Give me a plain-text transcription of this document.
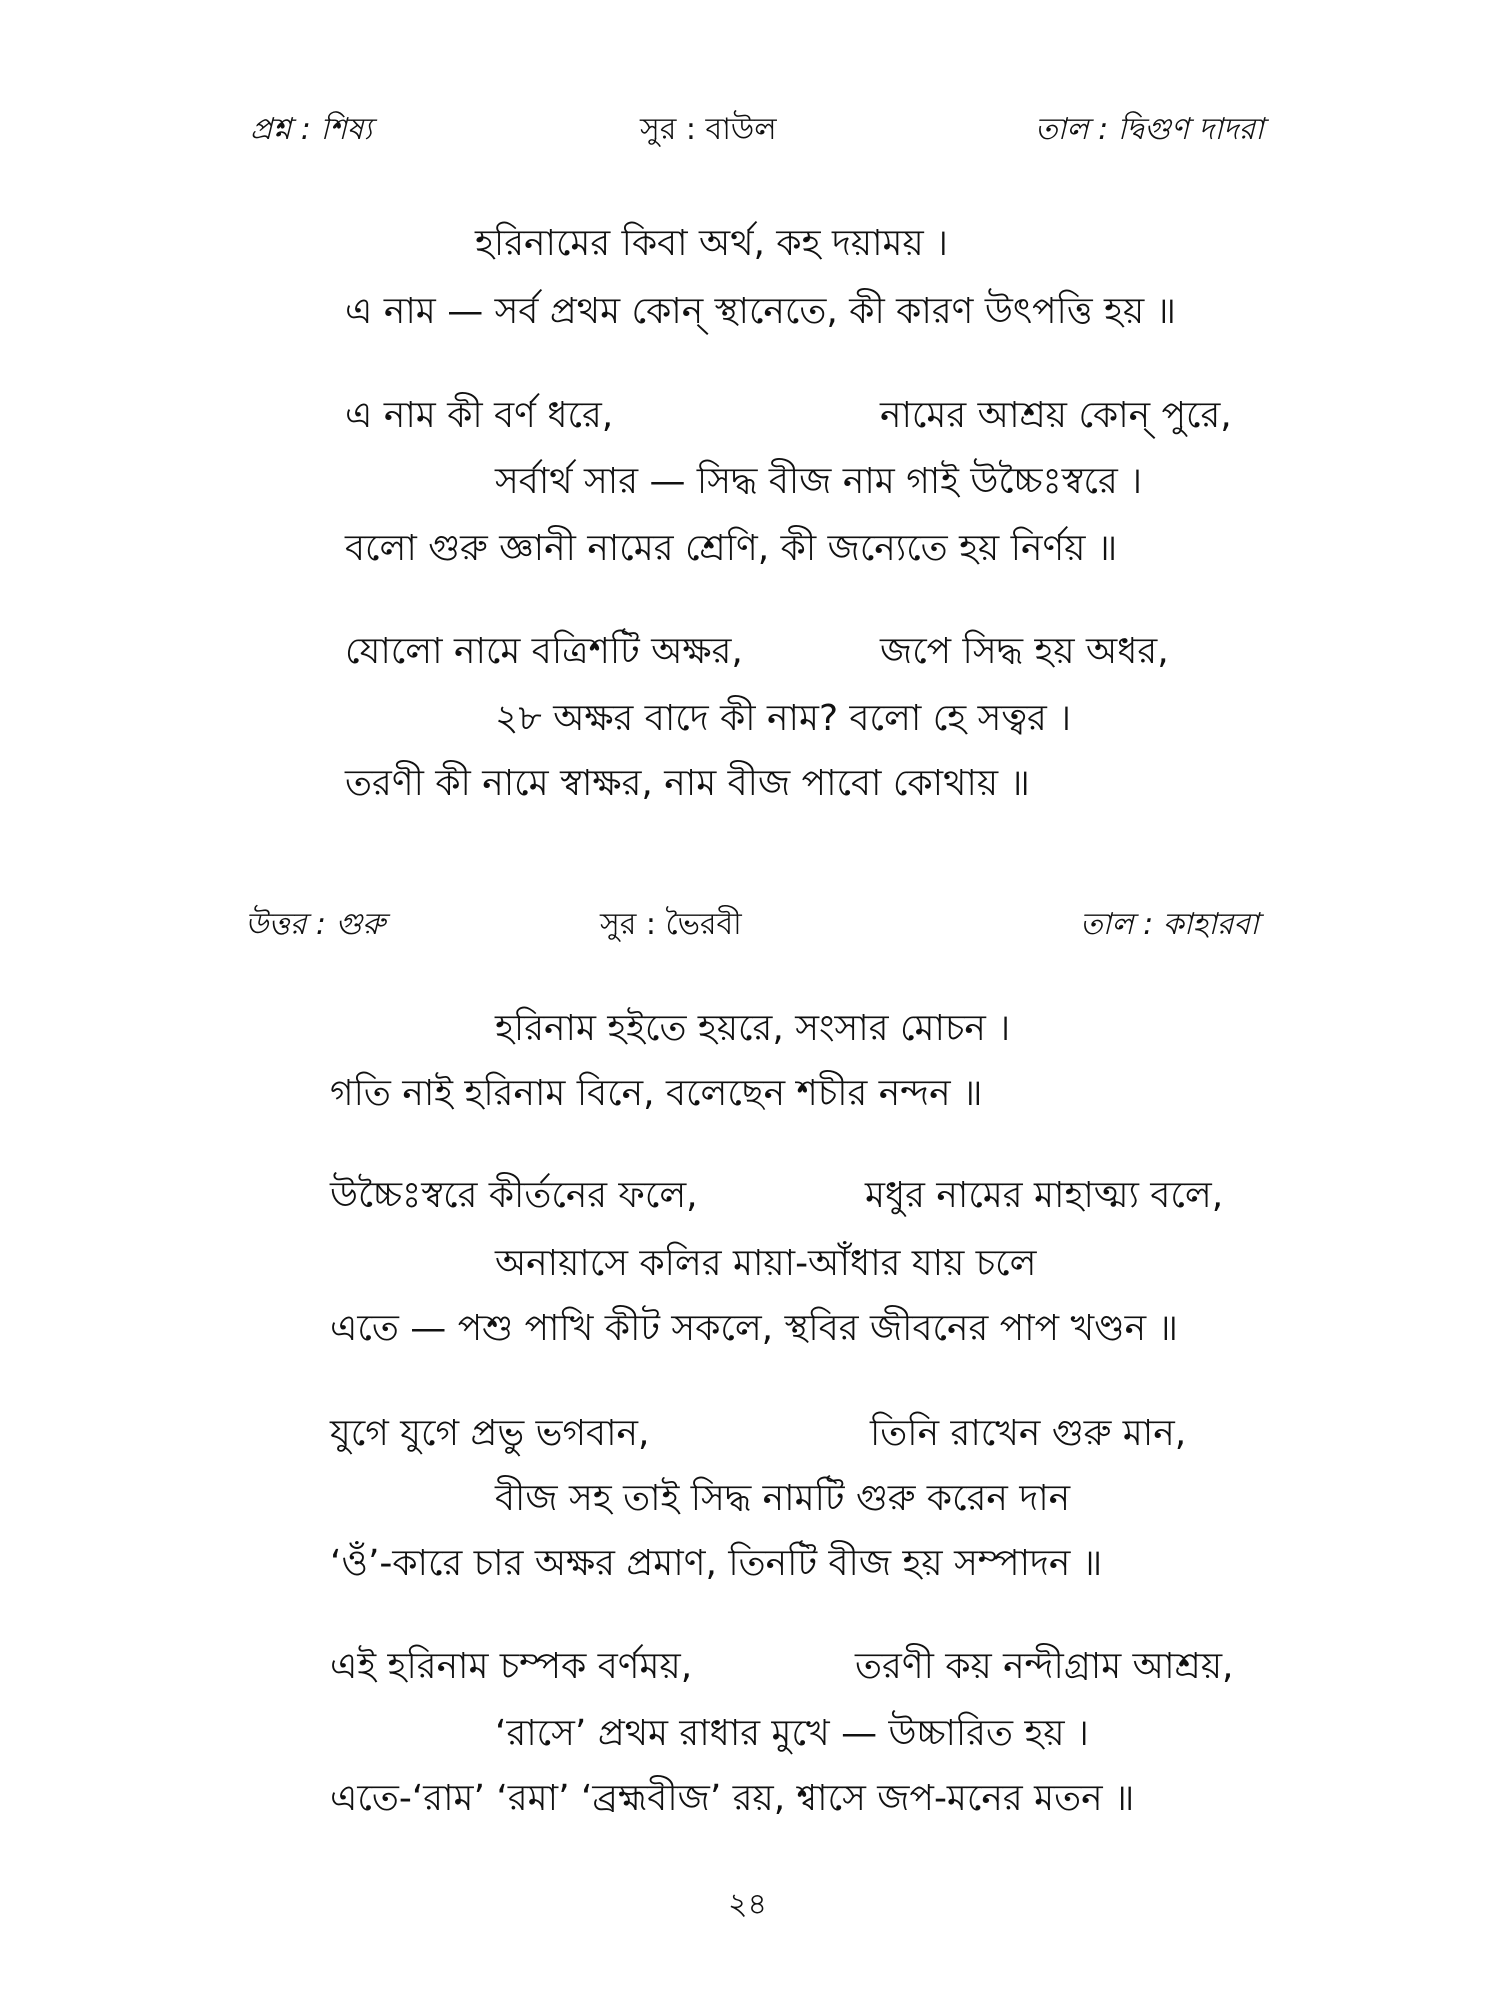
প্রশ্ন : শিষ্য	সুর : বাউল	তাল : দ্বিগুণ দাদরা
হরিনামের কিবা অর্থ, কহ দয়াময় ।
এ নাম — সর্ব প্রথম কোন্ স্থানেতে, কী কারণ উৎপত্তি হয় ॥
এ নাম কী বর্ণ ধরে,	নামের আশ্রয় কোন্ পুরে,
সর্বার্থ সার — সিদ্ধ বীজ নাম গাই উচ্চৈঃস্বরে ।
বলো গুরু জ্ঞানী নামের শ্রেণি, কী জন্যেতে হয় নির্ণয় ॥
যোলো নামে বত্রিশটি অক্ষর,	জপে সিদ্ধ হয় অধর,
২৮ অক্ষর বাদে কী নাম? বলো হে সত্বর ।
তরণী কী নামে স্বাক্ষর, নাম বীজ পাবো কোথায় ॥
উত্তর : গুরু	সুর : ভৈরবী	তাল : কাহারবা
হরিনাম হইতে হয়রে, সংসার মোচন ।
গতি নাই হরিনাম বিনে, বলেছেন শচীর নন্দন ॥
উচ্চৈঃস্বরে কীর্তনের ফলে,	মধুর নামের মাহাত্ম্য বলে,
অনায়াসে কলির মায়া-আঁধার যায় চলে
এতে — পশু পাখি কীট সকলে, স্থবির জীবনের পাপ খণ্ডন ॥
যুগে যুগে প্রভু ভগবান,	তিনি রাখেন গুরু মান,
বীজ সহ তাই সিদ্ধ নামটি গুরু করেন দান
‘ওঁ’-কারে চার অক্ষর প্রমাণ, তিনটি বীজ হয় সম্পাদন ॥
এই হরিনাম চম্পক বর্ণময়,	তরণী কয় নন্দীগ্রাম আশ্রয়,
‘রাসে’ প্রথম রাধার মুখে — উচ্চারিত হয় ।
এতে-‘রাম’ ‘রমা’ ‘ব্রহ্মবীজ’ রয়, শ্বাসে জপ-মনের মতন ॥
২৪
